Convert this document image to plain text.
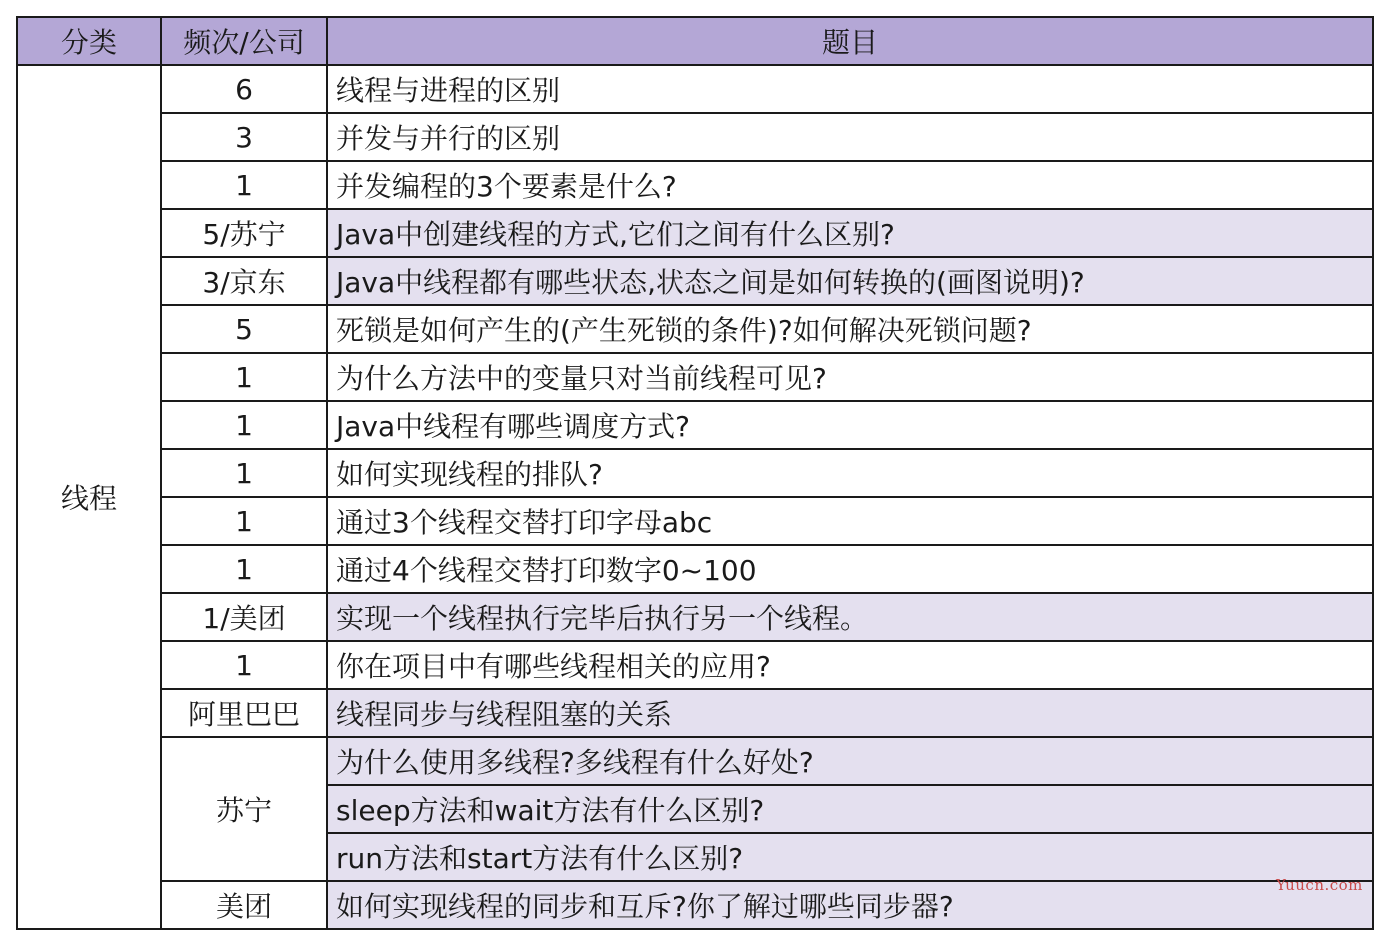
分类	频次/公司	题目
线程	6	线程与进程的区别
	3	并发与并行的区别
	1	并发编程的3个要素是什么?
	5/苏宁	Java中创建线程的方式,它们之间有什么区别?
	3/京东	Java中线程都有哪些状态,状态之间是如何转换的(画图说明)?
	5	死锁是如何产生的(产生死锁的条件)?如何解决死锁问题?
	1	为什么方法中的变量只对当前线程可见?
	1	Java中线程有哪些调度方式?
	1	如何实现线程的排队?
	1	通过3个线程交替打印字母abc
	1	通过4个线程交替打印数字0~100
	1/美团	实现一个线程执行完毕后执行另一个线程。
	1	你在项目中有哪些线程相关的应用?
	阿里巴巴	线程同步与线程阻塞的关系
	苏宁	为什么使用多线程?多线程有什么好处?
		sleep方法和wait方法有什么区别?
		run方法和start方法有什么区别?
	美团	如何实现线程的同步和互斥?你了解过哪些同步器?
Yuucn.com
